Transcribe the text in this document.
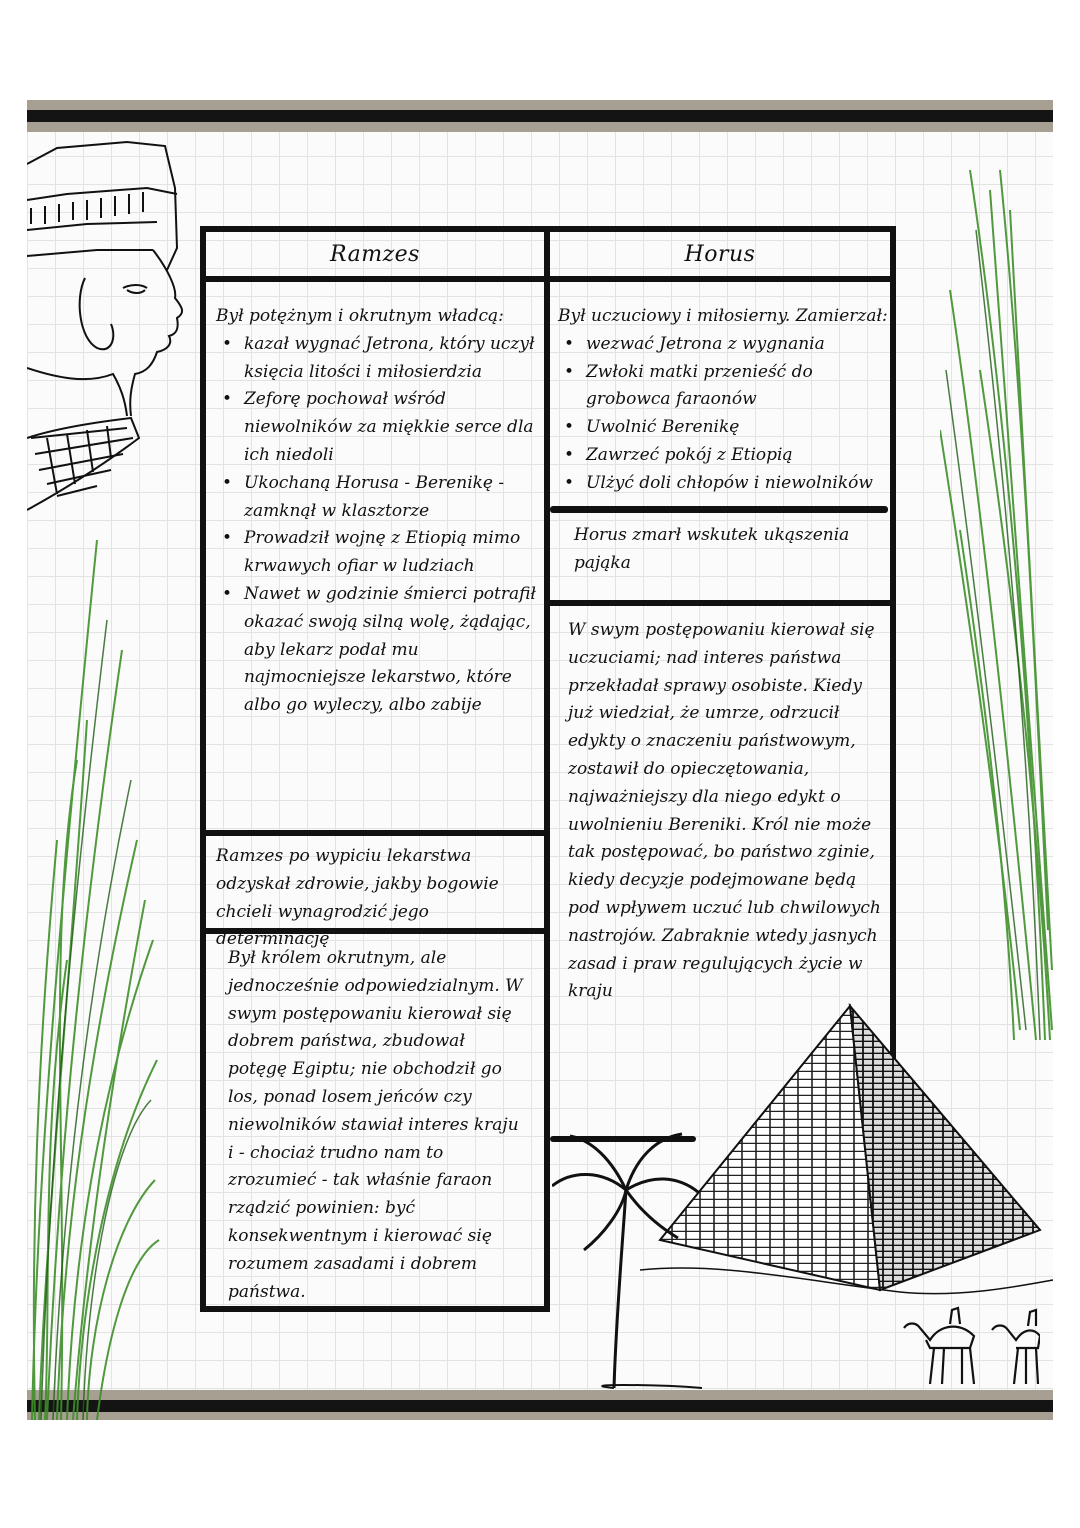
Ramzes
Był potężnym i okrutnym władcą:
• kazał wygnać Jetrona, który uczył księcia litości i miłosierdzia
• Zeforę pochował wśród niewolników za miękkie serce dla ich niedoli
• Ukochaną Horusa - Berenikę - zamknął w klasztorze
• Prowadził wojnę z Etiopią mimo krwawych ofiar w ludziach
• Nawet w godzinie śmierci potrafił okazać swoją silną wolę, żądając, aby lekarz podał mu najmocniejsze lekarstwo, które albo go wyleczy, albo zabije
Ramzes po wypiciu lekarstwa odzyskał zdrowie, jakby bogowie chcieli wynagrodzić jego determinację
Był królem okrutnym, ale jednocześnie odpowiedzialnym. W swym postępowaniu kierował się dobrem państwa, zbudował potęgę Egiptu; nie obchodził go los, ponad losem jeńców czy niewolników stawiał interes kraju i - chociaż trudno nam to zrozumieć - tak właśnie faraon rządzić powinien: być konsekwentnym i kierować się rozumem zasadami i dobrem państwa.
Horus
Był uczuciowy i miłosierny. Zamierzał:
• wezwać Jetrona z wygnania
• Zwłoki matki przenieść do grobowca faraonów
• Uwolnić Berenikę
• Zawrzeć pokój z Etiopią
• Ulżyć doli chłopów i niewolników
Horus zmarł wskutek ukąszenia pająka
W swym postępowaniu kierował się uczuciami; nad interes państwa przekładał sprawy osobiste. Kiedy już wiedział, że umrze, odrzucił edykty o znaczeniu państwowym, zostawił do opieczętowania, najważniejszy dla niego edykt o uwolnieniu Bereniki. Król nie może tak postępować, bo państwo zginie, kiedy decyzje podejmowane będą pod wpływem uczuć lub chwilowych nastrojów. Zabraknie wtedy jasnych zasad i praw regulujących życie w kraju
